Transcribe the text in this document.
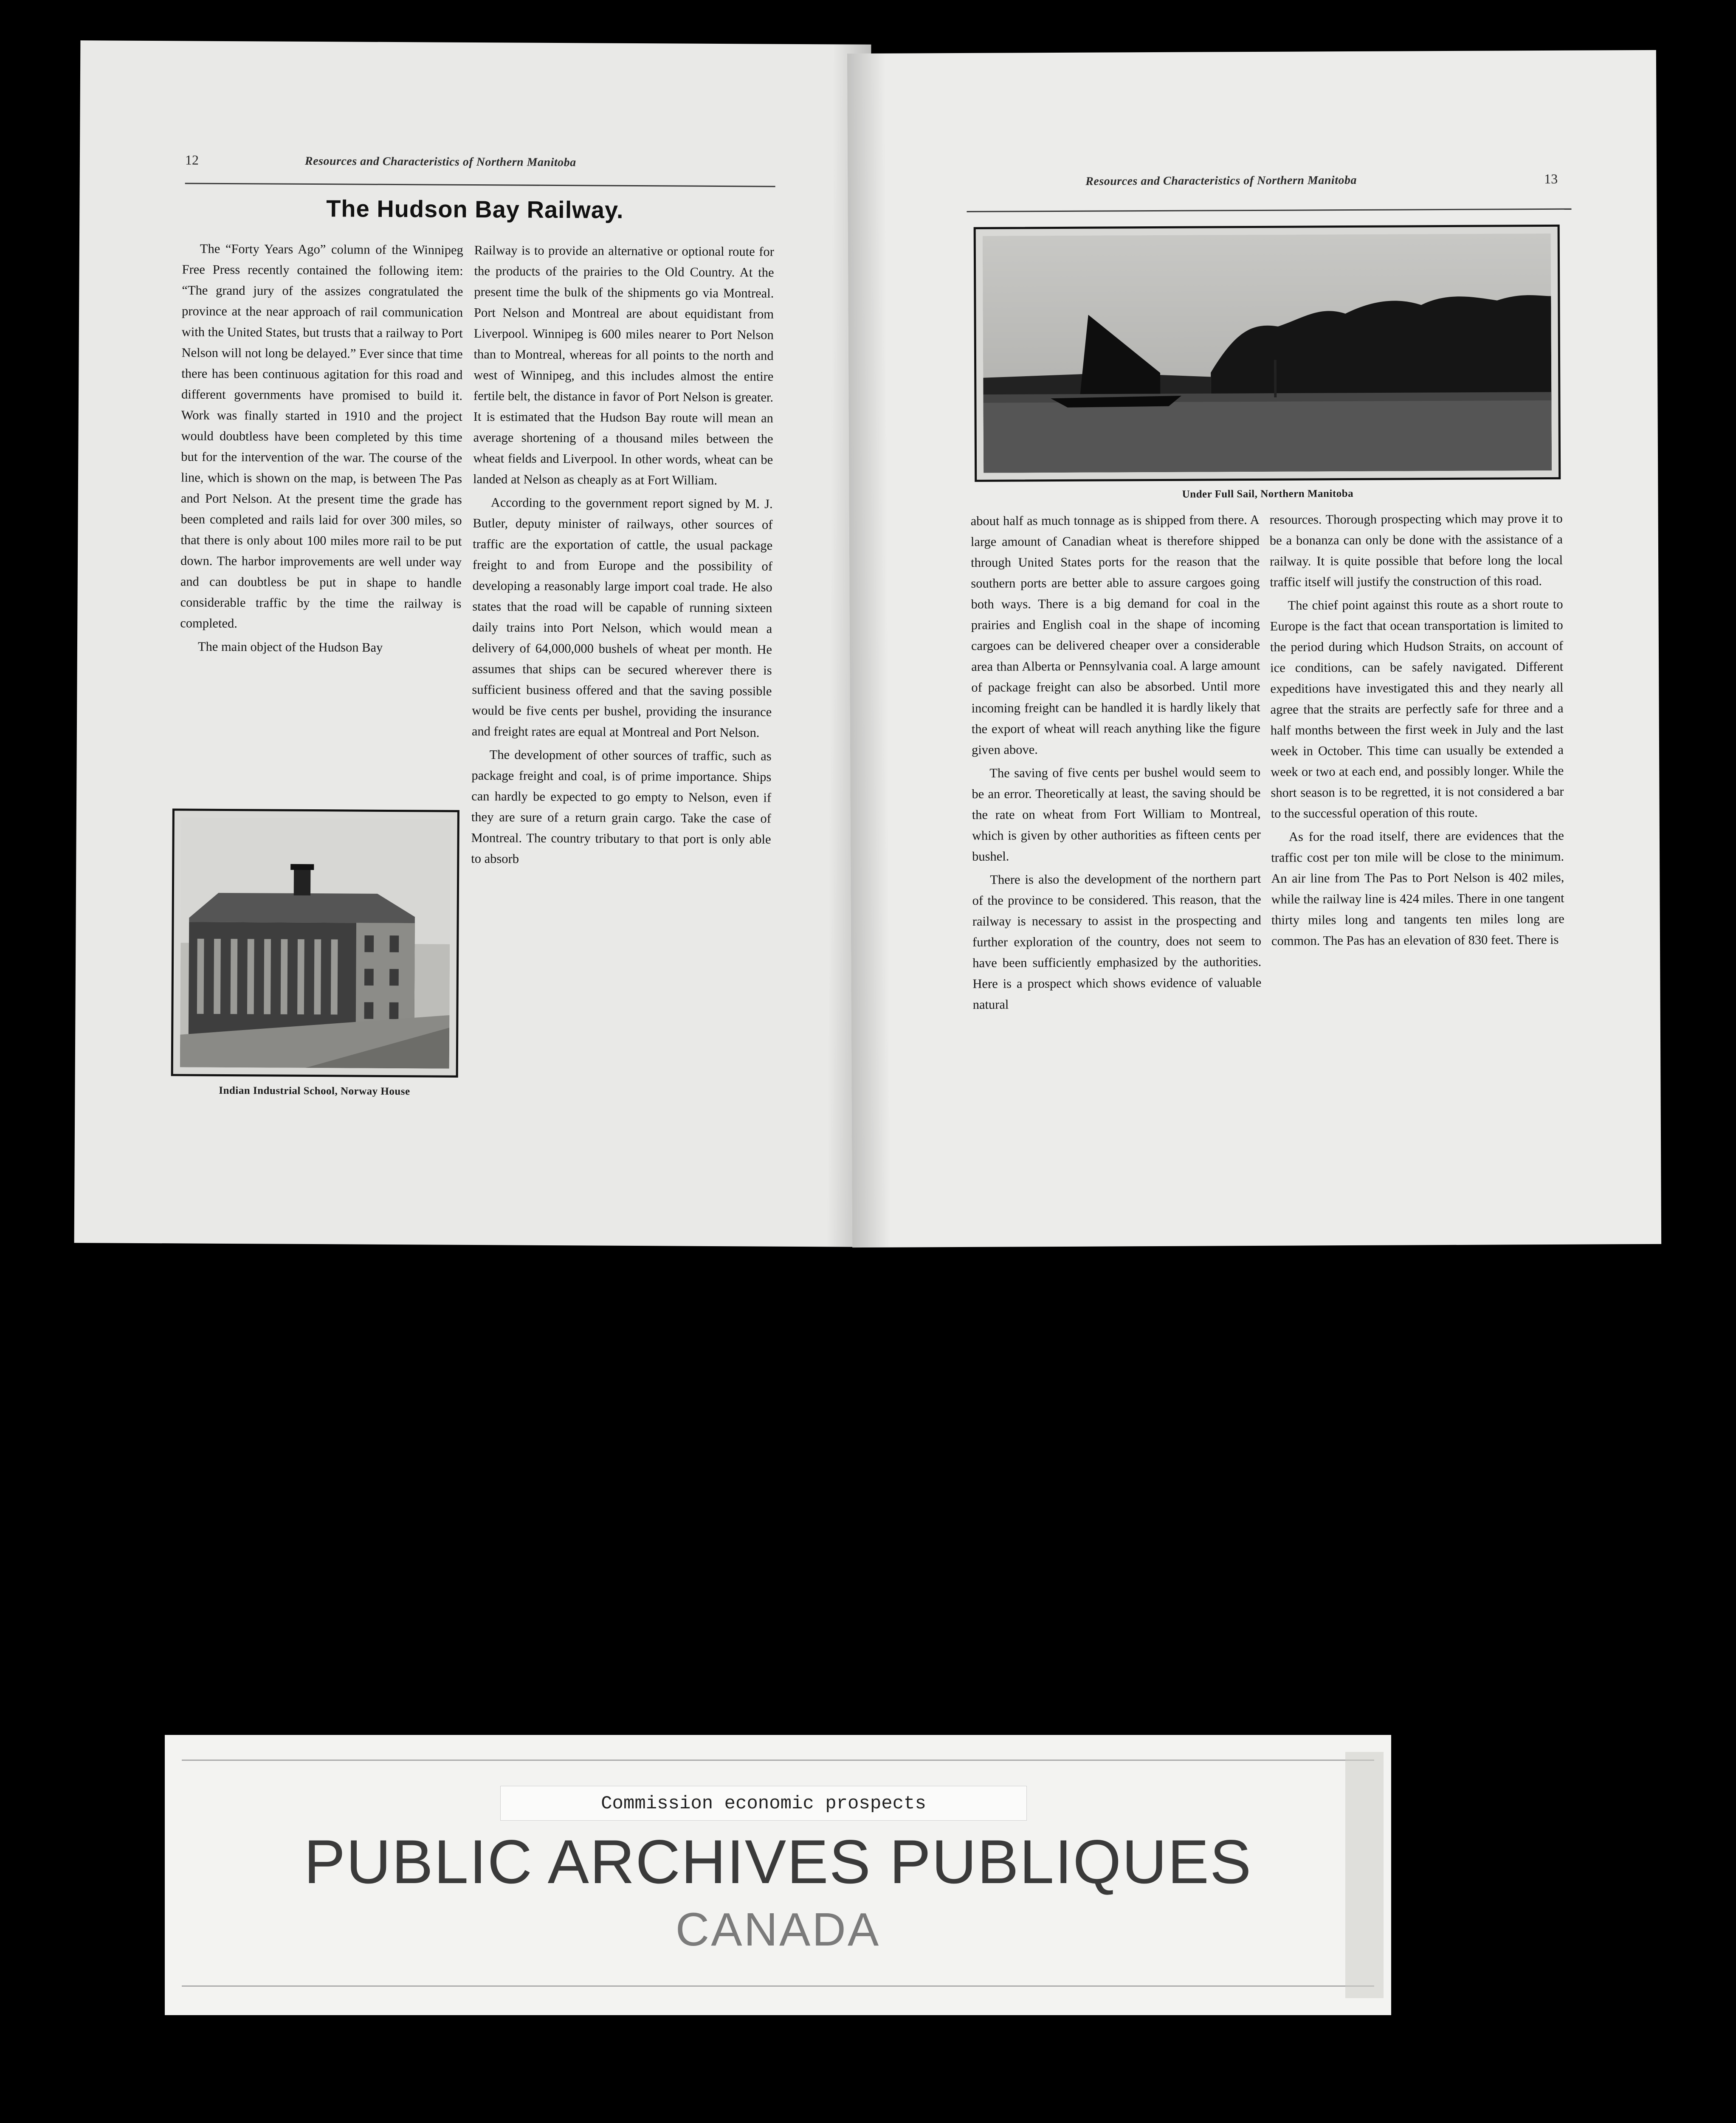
12	Resources and Characteristics of Northern Manitoba
The Hudson Bay Railway.

The “Forty Years Ago” column of the Winnipeg Free Press recently contained the following item: “The grand jury of the assizes congratulated the province at the near approach of rail communication with the United States, but trusts that a railway to Port Nelson will not long be delayed.” Ever since that time there has been continuous agitation for this road and different governments have promised to build it. Work was finally started in 1910 and the project would doubtless have been completed by this time but for the intervention of the war. The course of the line, which is shown on the map, is between The Pas and Port Nelson. At the present time the grade has been completed and rails laid for over 300 miles, so that there is only about 100 miles more rail to be put down. The harbor improvements are well under way and can doubtless be put in shape to handle considerable traffic by the time the railway is completed.

The main object of the Hudson Bay

Indian Industrial School, Norway House

Railway is to provide an alternative or optional route for the products of the prairies to the Old Country. At the present time the bulk of the shipments go via Montreal. Port Nelson and Montreal are about equidistant from Liverpool. Winnipeg is 600 miles nearer to Port Nelson than to Montreal, whereas for all points to the north and west of Winnipeg, and this includes almost the entire fertile belt, the distance in favor of Port Nelson is greater. It is estimated that the Hudson Bay route will mean an average shortening of a thousand miles between the wheat fields and Liverpool. In other words, wheat can be landed at Nelson as cheaply as at Fort William.

According to the government report signed by M. J. Butler, deputy minister of railways, other sources of traffic are the exportation of cattle, the usual package freight to and from Europe and the possibility of developing a reasonably large import coal trade. He also states that the road will be capable of running sixteen daily trains into Port Nelson, which would mean a delivery of 64,000,000 bushels of wheat per month. He assumes that ships can be secured wherever there is sufficient business offered and that the saving possible would be five cents per bushel, providing the insurance and freight rates are equal at Montreal and Port Nelson.

The development of other sources of traffic, such as package freight and coal, is of prime importance. Ships can hardly be expected to go empty to Nelson, even if they are sure of a return grain cargo. Take the case of Montreal. The country tributary to that port is only able to absorb

Resources and Characteristics of Northern Manitoba	13
Under Full Sail, Northern Manitoba

about half as much tonnage as is shipped from there. A large amount of Canadian wheat is therefore shipped through United States ports for the reason that the southern ports are better able to assure cargoes going both ways. There is a big demand for coal in the prairies and English coal in the shape of incoming cargoes can be delivered cheaper over a considerable area than Alberta or Pennsylvania coal. A large amount of package freight can also be absorbed. Until more incoming freight can be handled it is hardly likely that the export of wheat will reach anything like the figure given above.

The saving of five cents per bushel would seem to be an error. Theoretically at least, the saving should be the rate on wheat from Fort William to Montreal, which is given by other authorities as fifteen cents per bushel.

There is also the development of the northern part of the province to be considered. This reason, that the railway is necessary to assist in the prospecting and further exploration of the country, does not seem to have been sufficiently emphasized by the authorities. Here is a prospect which shows evidence of valuable natural

resources. Thorough prospecting which may prove it to be a bonanza can only be done with the assistance of a railway. It is quite possible that before long the local traffic itself will justify the construction of this road.

The chief point against this route as a short route to Europe is the fact that ocean transportation is limited to the period during which Hudson Straits, on account of ice conditions, can be safely navigated. Different expeditions have investigated this and they nearly all agree that the straits are perfectly safe for three and a half months between the first week in July and the last week in October. This time can usually be extended a week or two at each end, and possibly longer. While the short season is to be regretted, it is not considered a bar to the successful operation of this route.

As for the road itself, there are evidences that the traffic cost per ton mile will be close to the minimum. An air line from The Pas to Port Nelson is 402 miles, while the railway line is 424 miles. There in one tangent thirty miles long and tangents ten miles long are common. The Pas has an elevation of 830 feet. There is

Commission economic prospects
PUBLIC ARCHIVES PUBLIQUES
CANADA
